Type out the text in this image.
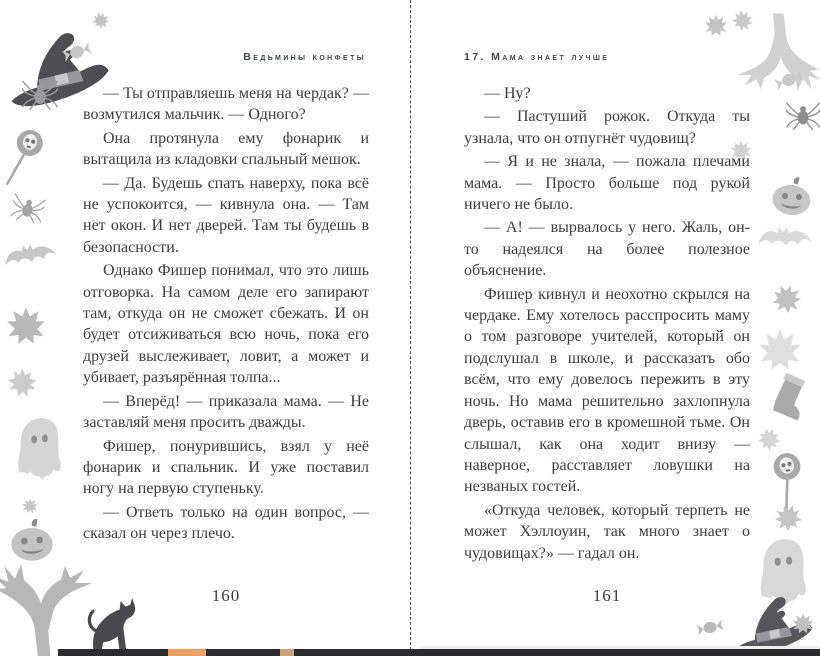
Ведьмины конфеты

— Ты отправляешь меня на чердак? — возмутился мальчик. — Одного?

Она протянула ему фонарик и вытащила из кладовки спальный мешок.

— Да. Будешь спать наверху, пока всё не успокоится, — кивнула она. — Там нет окон. И нет дверей. Там ты будешь в безопасности.

Однако Фишер понимал, что это лишь отговорка. На самом деле его запирают там, откуда он не сможет сбежать. И он будет отсиживаться всю ночь, пока его друзей выслеживает, ловит, а может и убивает, разъярённая толпа...

— Вперёд! — приказала мама. — Не заставляй меня просить дважды.

Фишер, понурившись, взял у неё фонарик и спальник. И уже поставил ногу на первую ступеньку.

— Ответь только на один вопрос, — сказал он через плечо.

160
17. Мама знает лучше

— Ну?

— Пастуший рожок. Откуда ты узнала, что он отпугнёт чудовищ?

— Я и не знала, — пожала плечами мама. — Просто больше под рукой ничего не было.

— А! — вырвалось у него. Жаль, он-то надеялся на более полезное объяснение.

Фишер кивнул и неохотно скрылся на чердаке. Ему хотелось расспросить маму о том разговоре учителей, который он подслушал в школе, и рассказать обо всём, что ему довелось пережить в эту ночь. Но мама решительно захлопнула дверь, оставив его в кромешной тьме. Он слышал, как она ходит внизу — наверное, расставляет ловушки на незваных гостей.

«Откуда человек, который терпеть не может Хэллоуин, так много знает о чудовищах?» — гадал он.

161
